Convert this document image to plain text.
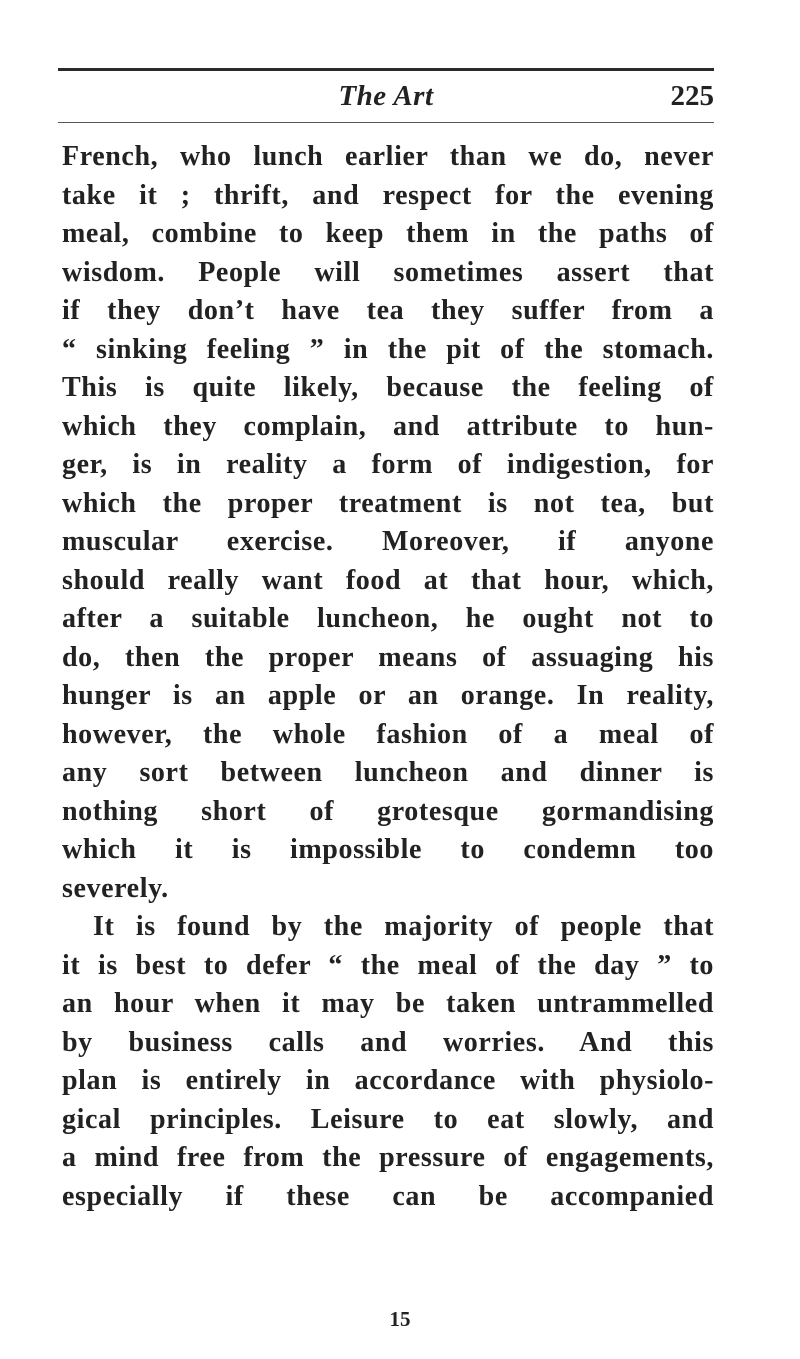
The Art	225
French, who lunch earlier than we do, never
take it ; thrift, and respect for the evening
meal, combine to keep them in the paths of
wisdom. People will sometimes assert that
if they don’t have tea they suffer from a
“ sinking feeling ” in the pit of the stomach.
This is quite likely, because the feeling of
which they complain, and attribute to hun-
ger, is in reality a form of indigestion, for
which the proper treatment is not tea, but
muscular exercise. Moreover, if anyone
should really want food at that hour, which,
after a suitable luncheon, he ought not to
do, then the proper means of assuaging his
hunger is an apple or an orange. In reality,
however, the whole fashion of a meal of
any sort between luncheon and dinner is
nothing short of grotesque gormandising
which it is impossible to condemn too
severely.
It is found by the majority of people that
it is best to defer “ the meal of the day ” to
an hour when it may be taken untrammelled
by business calls and worries. And this
plan is entirely in accordance with physiolo-
gical principles. Leisure to eat slowly, and
a mind free from the pressure of engagements,
especially if these can be accompanied
15
